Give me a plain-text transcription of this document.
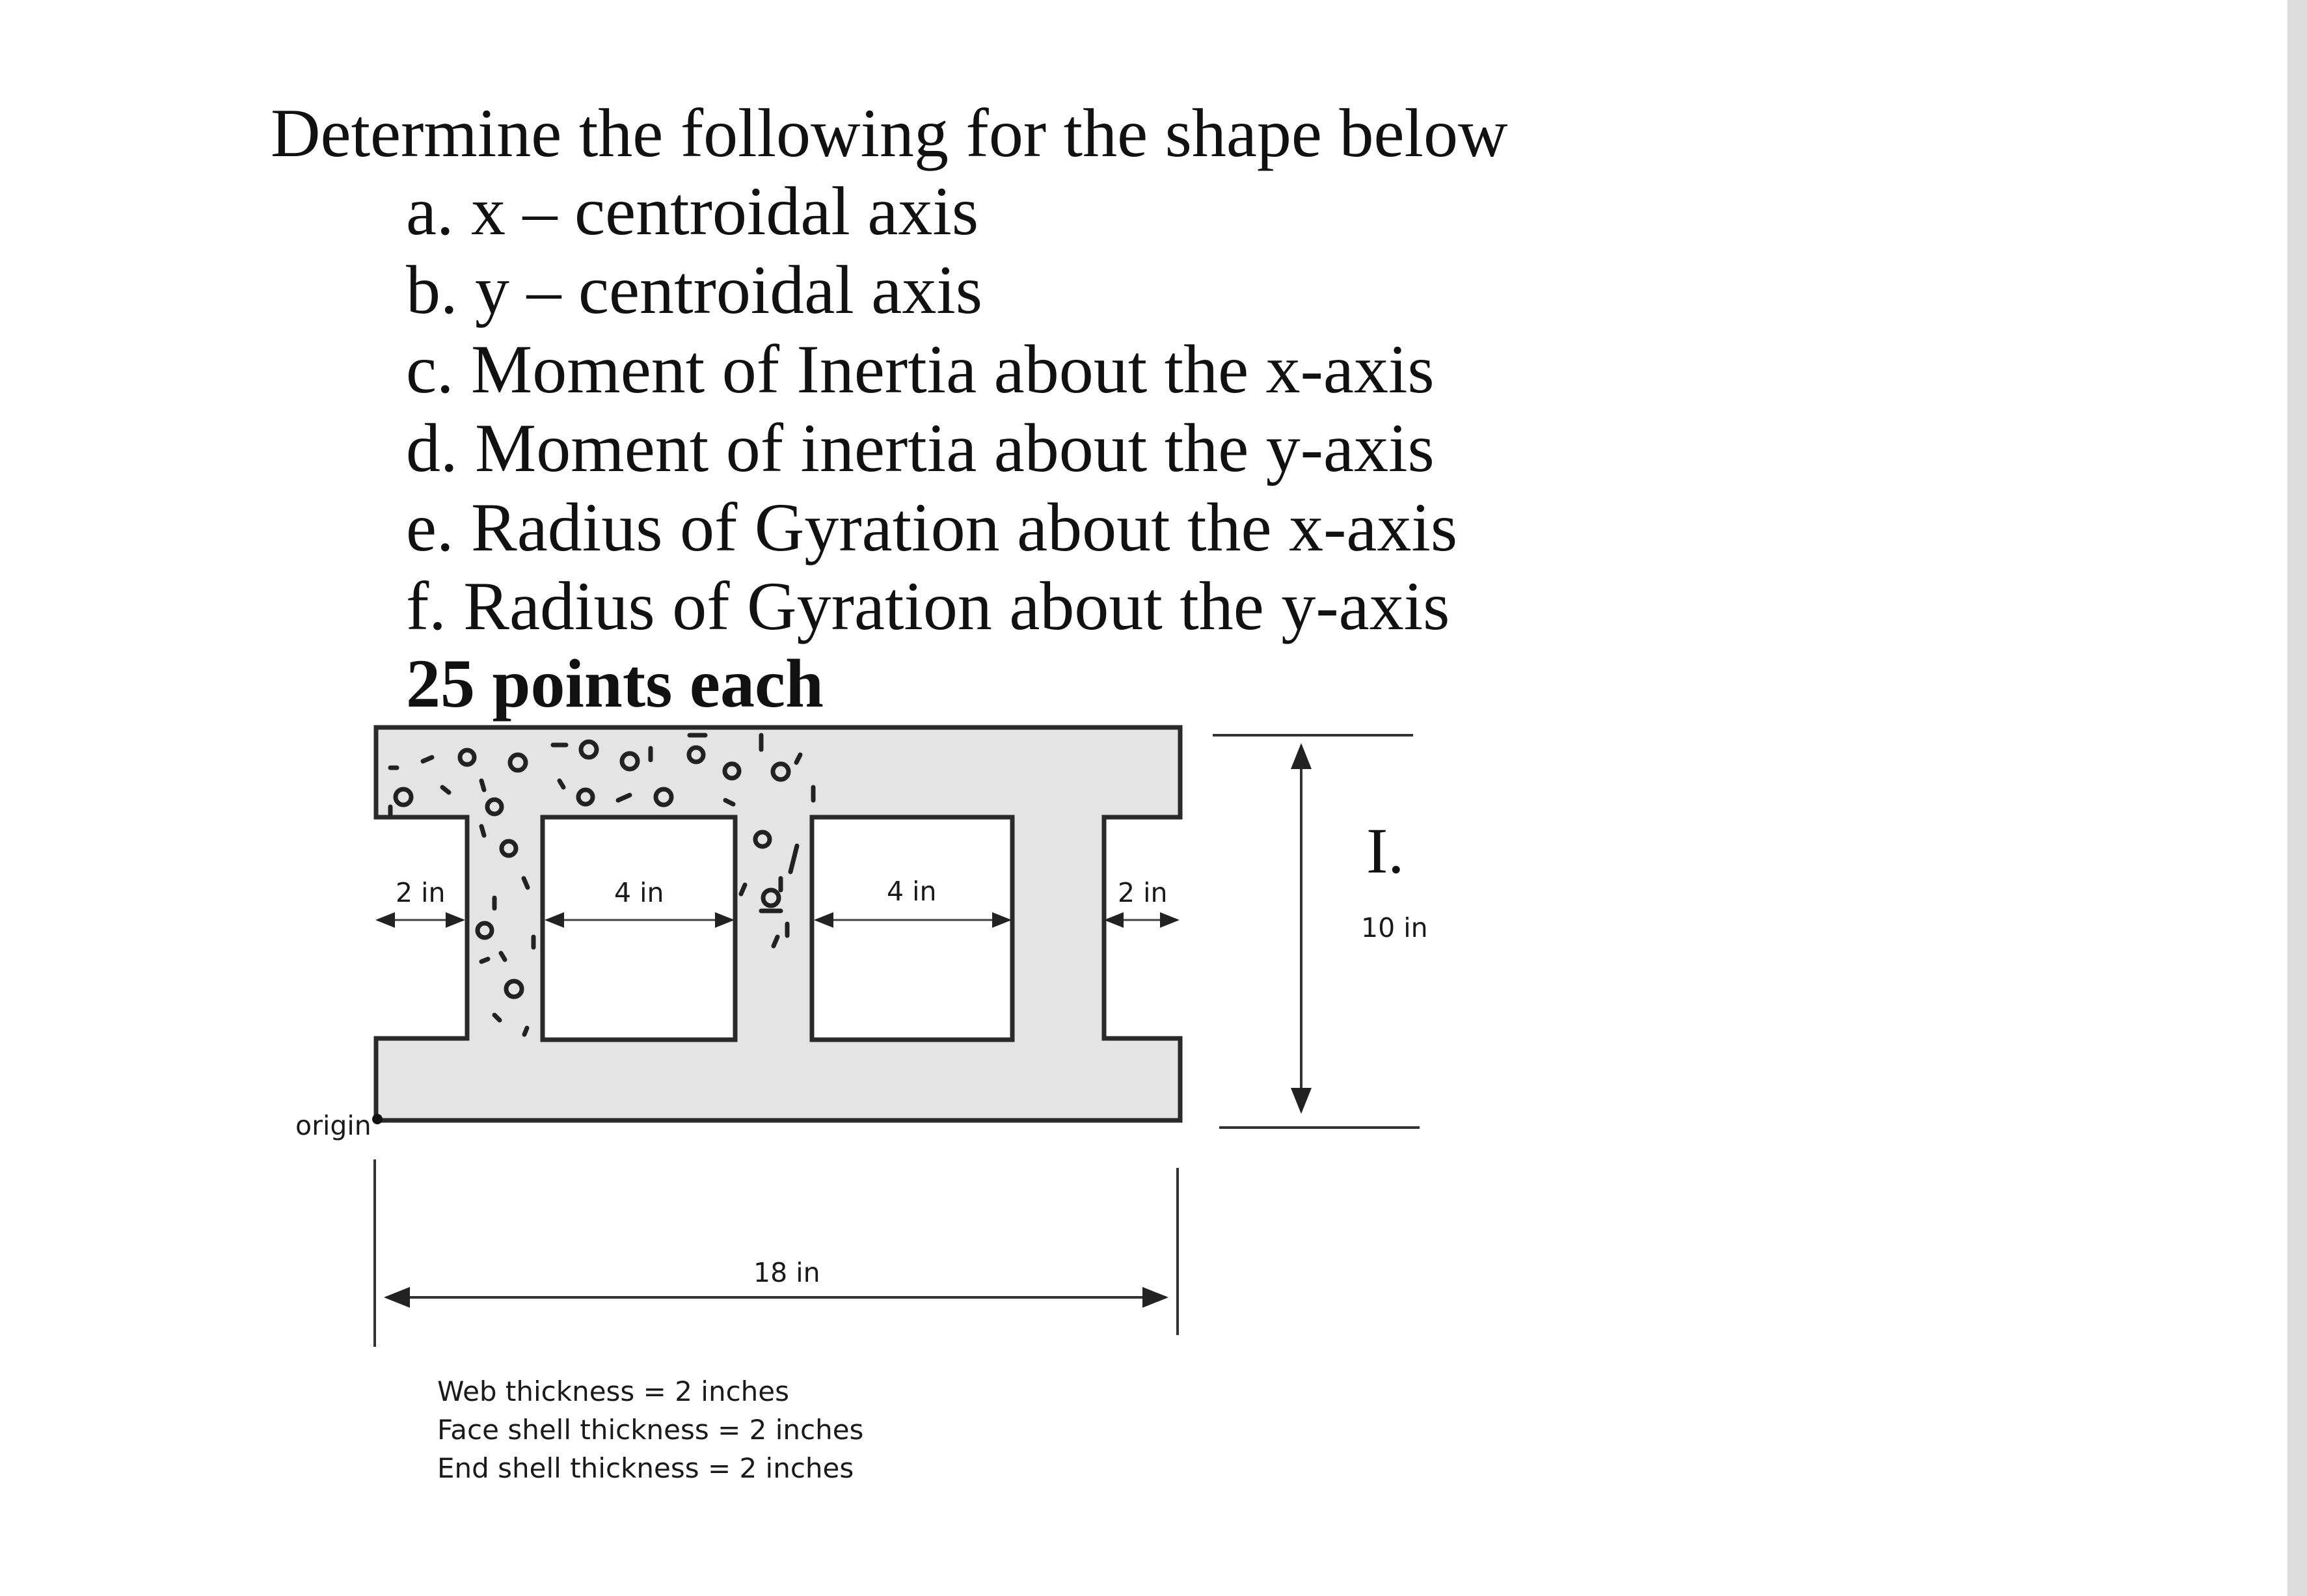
Determine the following for the shape below
a. x – centroidal axis
b. y – centroidal axis
c. Moment of Inertia about the x-axis
d. Moment of inertia about the y-axis
e. Radius of Gyration about the x-axis
f. Radius of Gyration about the y-axis
25 points each
2 in	4 in	4 in	2 in
I.
10 in
origin
18 in
Web thickness = 2 inches
Face shell thickness = 2 inches
End shell thickness = 2 inches
